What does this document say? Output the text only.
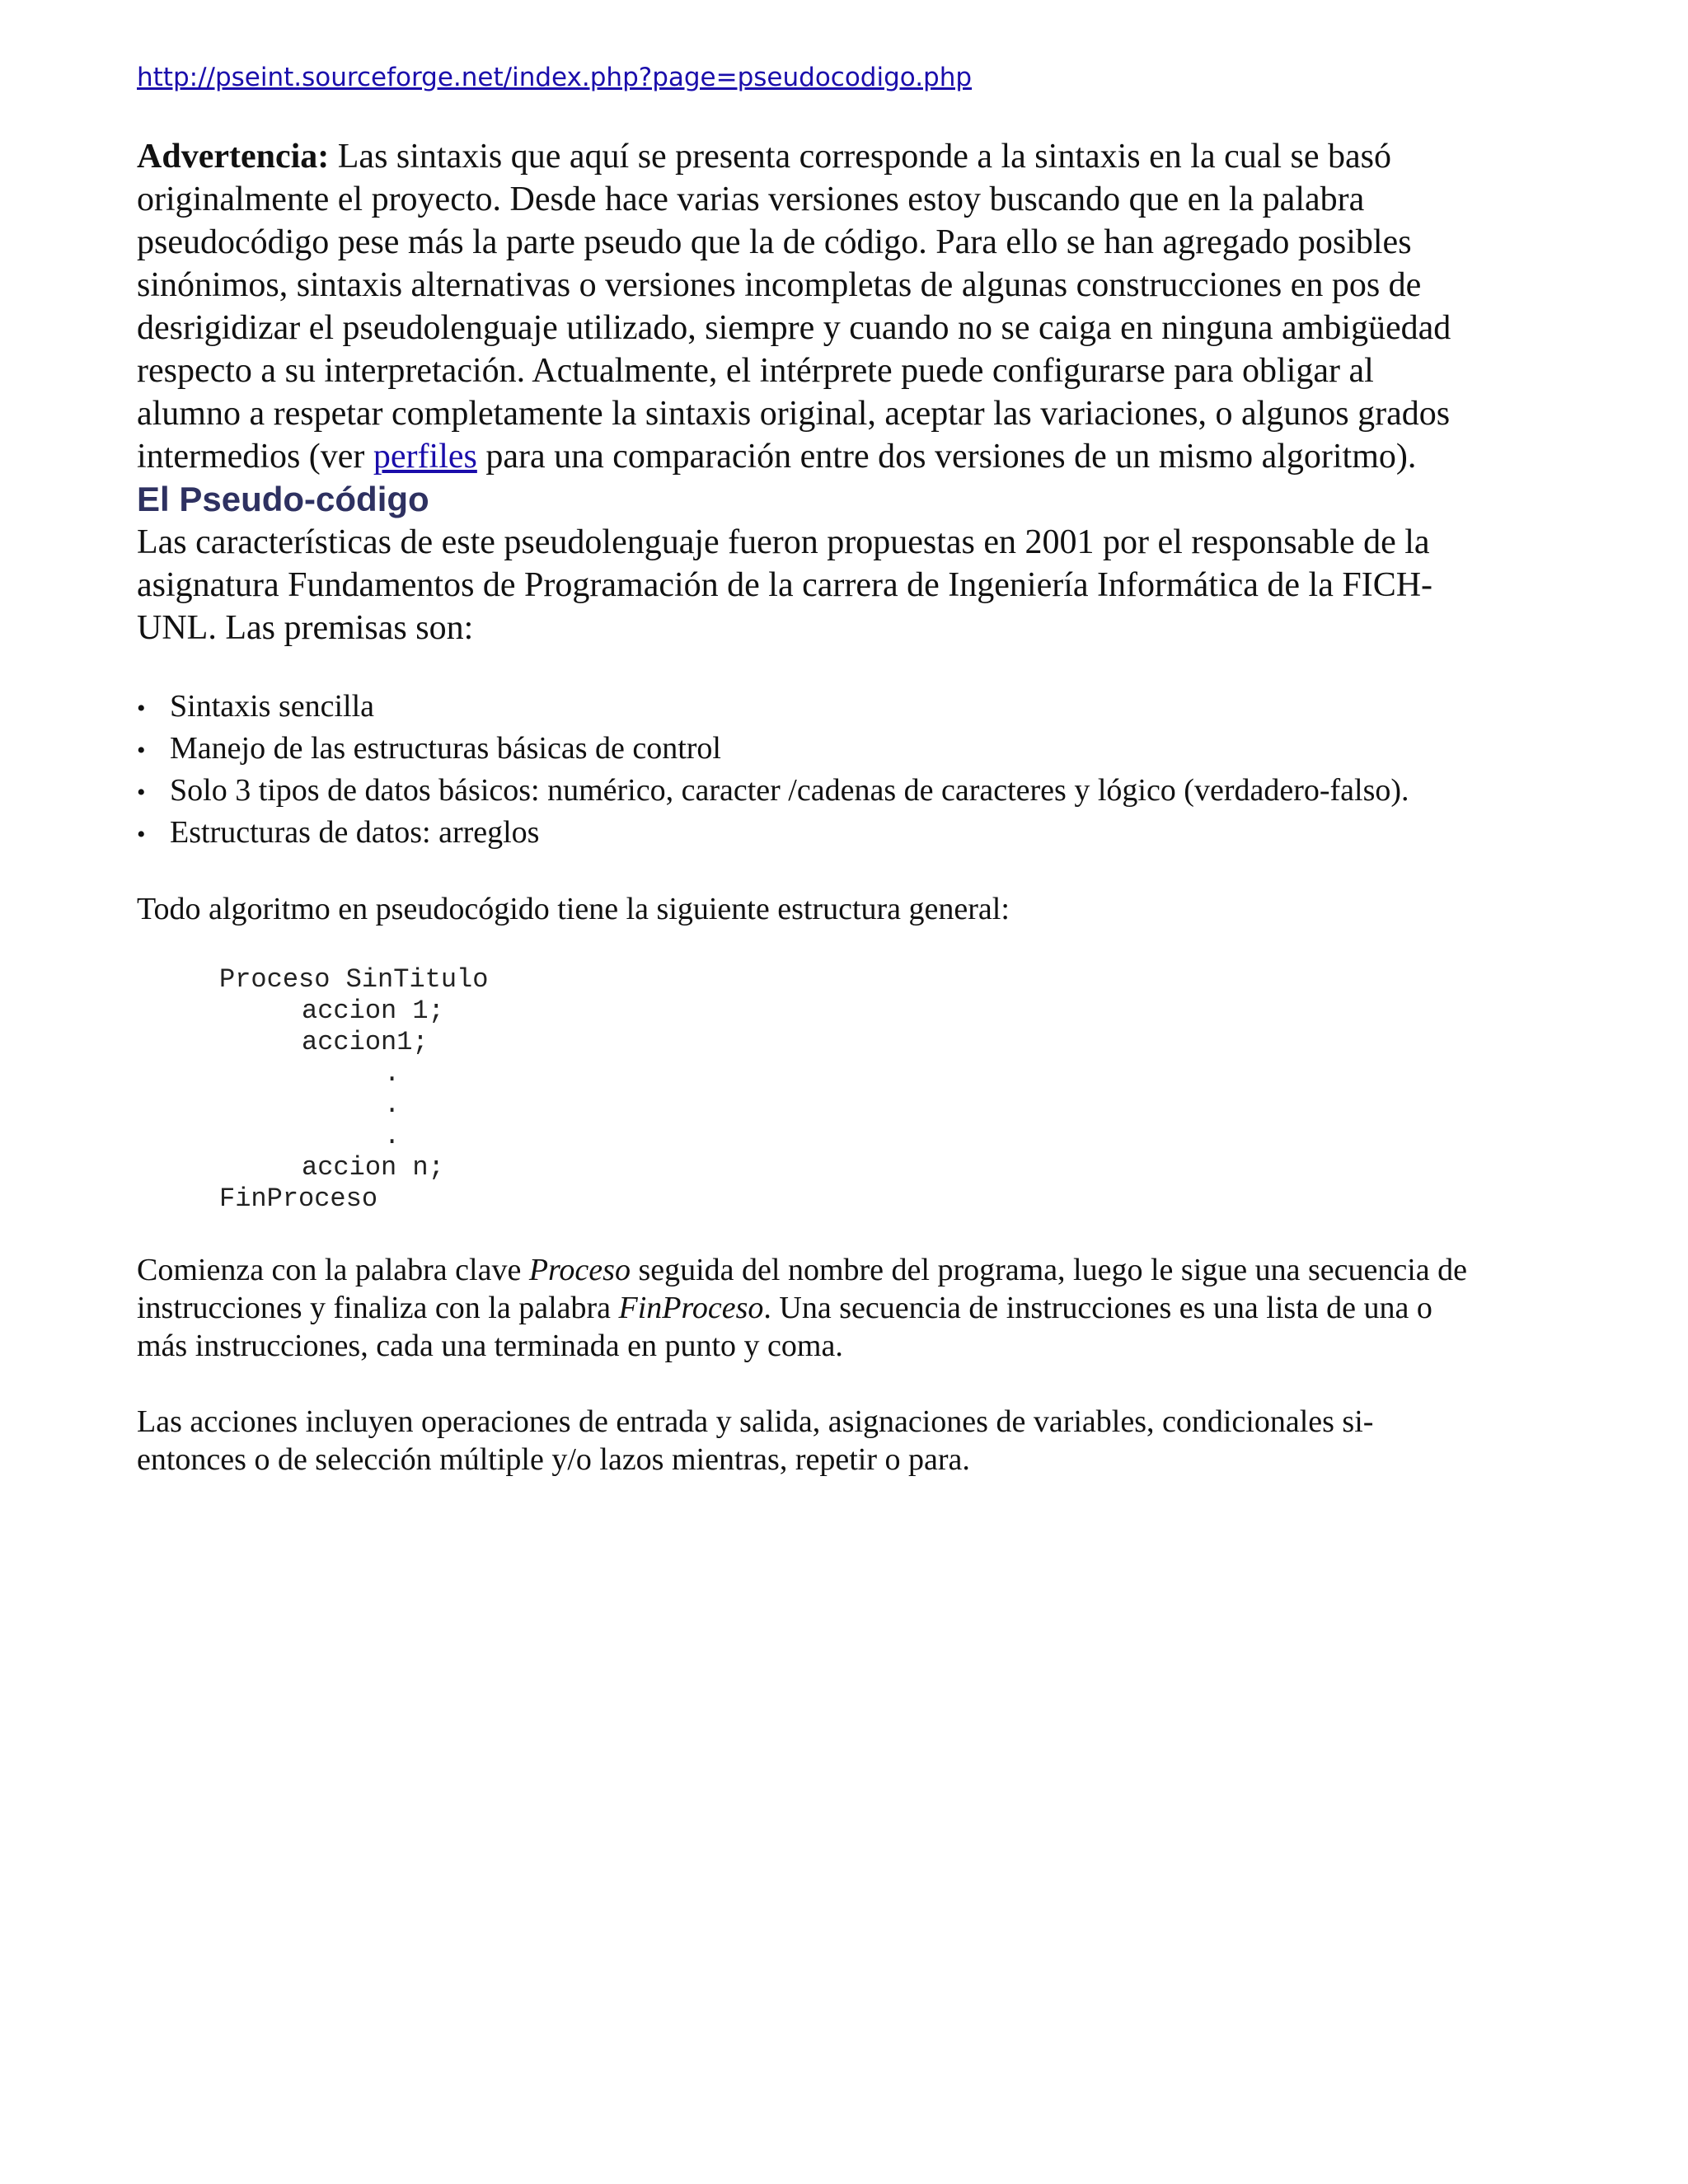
http://pseint.sourceforge.net/index.php?page=pseudocodigo.php

Advertencia: Las sintaxis que aquí se presenta corresponde a la sintaxis en la cual se basó originalmente el proyecto. Desde hace varias versiones estoy buscando que en la palabra pseudocódigo pese más la parte pseudo que la de código. Para ello se han agregado posibles sinónimos, sintaxis alternativas o versiones incompletas de algunas construcciones en pos de desrigidizar el pseudolenguaje utilizado, siempre y cuando no se caiga en ninguna ambigüedad respecto a su interpretación. Actualmente, el intérprete puede configurarse para obligar al alumno a respetar completamente la sintaxis original, aceptar las variaciones, o algunos grados intermedios (ver perfiles para una comparación entre dos versiones de un mismo algoritmo).

El Pseudo-código

Las características de este pseudolenguaje fueron propuestas en 2001 por el responsable de la asignatura Fundamentos de Programación de la carrera de Ingeniería Informática de la FICH-UNL. Las premisas son:

• Sintaxis sencilla
• Manejo de las estructuras básicas de control
• Solo 3 tipos de datos básicos: numérico, caracter /cadenas de caracteres y lógico (verdadero-falso).
• Estructuras de datos: arreglos

Todo algoritmo en pseudocógido tiene la siguiente estructura general:

Proceso SinTitulo
accion 1;
accion1;
.
.
.
accion n;
FinProceso

Comienza con la palabra clave Proceso seguida del nombre del programa, luego le sigue una secuencia de instrucciones y finaliza con la palabra FinProceso. Una secuencia de instrucciones es una lista de una o más instrucciones, cada una terminada en punto y coma.

Las acciones incluyen operaciones de entrada y salida, asignaciones de variables, condicionales si-entonces o de selección múltiple y/o lazos mientras, repetir o para.
